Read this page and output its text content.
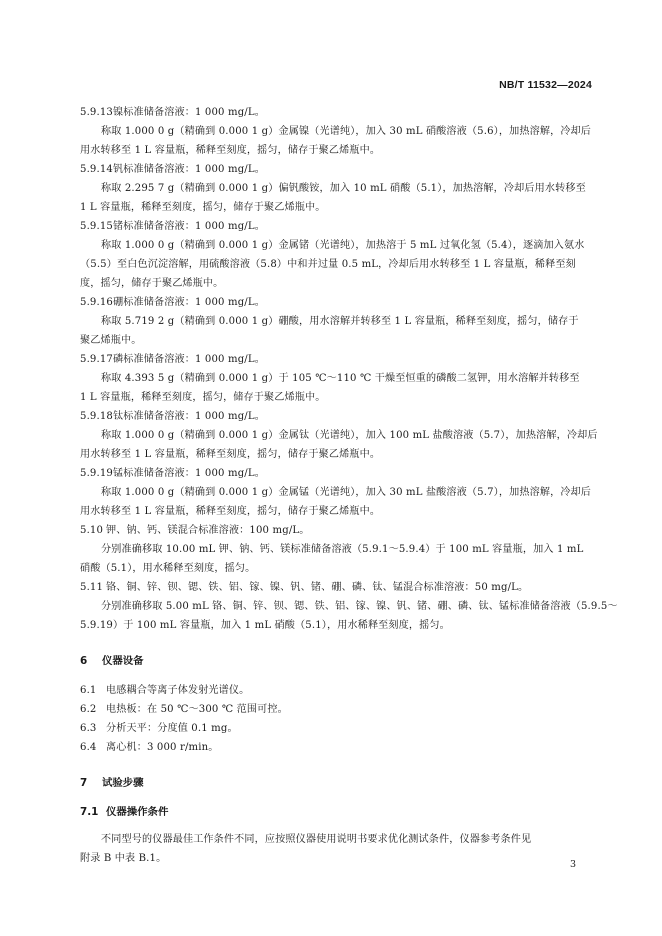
NB/T 11532—2024

5.9.13镍标准储备溶液：1 000 mg/L。

称取 1.000 0 g（精确到 0.000 1 g）金属镍（光谱纯），加入 30 mL 硝酸溶液（5.6），加热溶解，冷却后

用水转移至 1 L 容量瓶，稀释至刻度，摇匀，储存于聚乙烯瓶中。

5.9.14钒标准储备溶液：1 000 mg/L。

称取 2.295 7 g（精确到 0.000 1 g）偏钒酸铵，加入 10 mL 硝酸（5.1），加热溶解，冷却后用水转移至

1 L 容量瓶，稀释至刻度，摇匀，储存于聚乙烯瓶中。

5.9.15锗标准储备溶液：1 000 mg/L。

称取 1.000 0 g（精确到 0.000 1 g）金属锗（光谱纯），加热溶于 5 mL 过氧化氢（5.4），逐滴加入氨水

（5.5）至白色沉淀溶解，用硫酸溶液（5.8）中和并过量 0.5 mL，冷却后用水转移至 1 L 容量瓶，稀释至刻

度，摇匀，储存于聚乙烯瓶中。

5.9.16硼标准储备溶液：1 000 mg/L。

称取 5.719 2 g（精确到 0.000 1 g）硼酸，用水溶解并转移至 1 L 容量瓶，稀释至刻度，摇匀，储存于

聚乙烯瓶中。

5.9.17磷标准储备溶液：1 000 mg/L。

称取 4.393 5 g（精确到 0.000 1 g）于 105 ℃～110 ℃ 干燥至恒重的磷酸二氢钾，用水溶解并转移至

1 L 容量瓶，稀释至刻度，摇匀，储存于聚乙烯瓶中。

5.9.18钛标准储备溶液：1 000 mg/L。

称取 1.000 0 g（精确到 0.000 1 g）金属钛（光谱纯），加入 100 mL 盐酸溶液（5.7），加热溶解，冷却后

用水转移至 1 L 容量瓶，稀释至刻度，摇匀，储存于聚乙烯瓶中。

5.9.19锰标准储备溶液：1 000 mg/L。

称取 1.000 0 g（精确到 0.000 1 g）金属锰（光谱纯），加入 30 mL 盐酸溶液（5.7），加热溶解，冷却后

用水转移至 1 L 容量瓶，稀释至刻度，摇匀，储存于聚乙烯瓶中。

5.10 钾、钠、钙、镁混合标准溶液：100 mg/L。

分别准确移取 10.00 mL 钾、钠、钙、镁标准储备溶液（5.9.1～5.9.4）于 100 mL 容量瓶，加入 1 mL

硝酸（5.1），用水稀释至刻度，摇匀。

5.11 铬、铜、锌、钡、锶、铁、铝、镓、镍、钒、锗、硼、磷、钛、锰混合标准溶液：50 mg/L。

分别准确移取 5.00 mL 铬、铜、锌、钡、锶、铁、铝、镓、镍、钒、锗、硼、磷、钛、锰标准储备溶液（5.9.5～

5.9.19）于 100 mL 容量瓶，加入 1 mL 硝酸（5.1），用水稀释至刻度，摇匀。

6 仪器设备

6.1 电感耦合等离子体发射光谱仪。

6.2 电热板：在 50 ℃～300 ℃ 范围可控。

6.3 分析天平：分度值 0.1 mg。

6.4 离心机：3 000 r/min。

7 试验步骤

7.1 仪器操作条件

不同型号的仪器最佳工作条件不同，应按照仪器使用说明书要求优化测试条件，仪器参考条件见

附录 B 中表 B.1。

3
